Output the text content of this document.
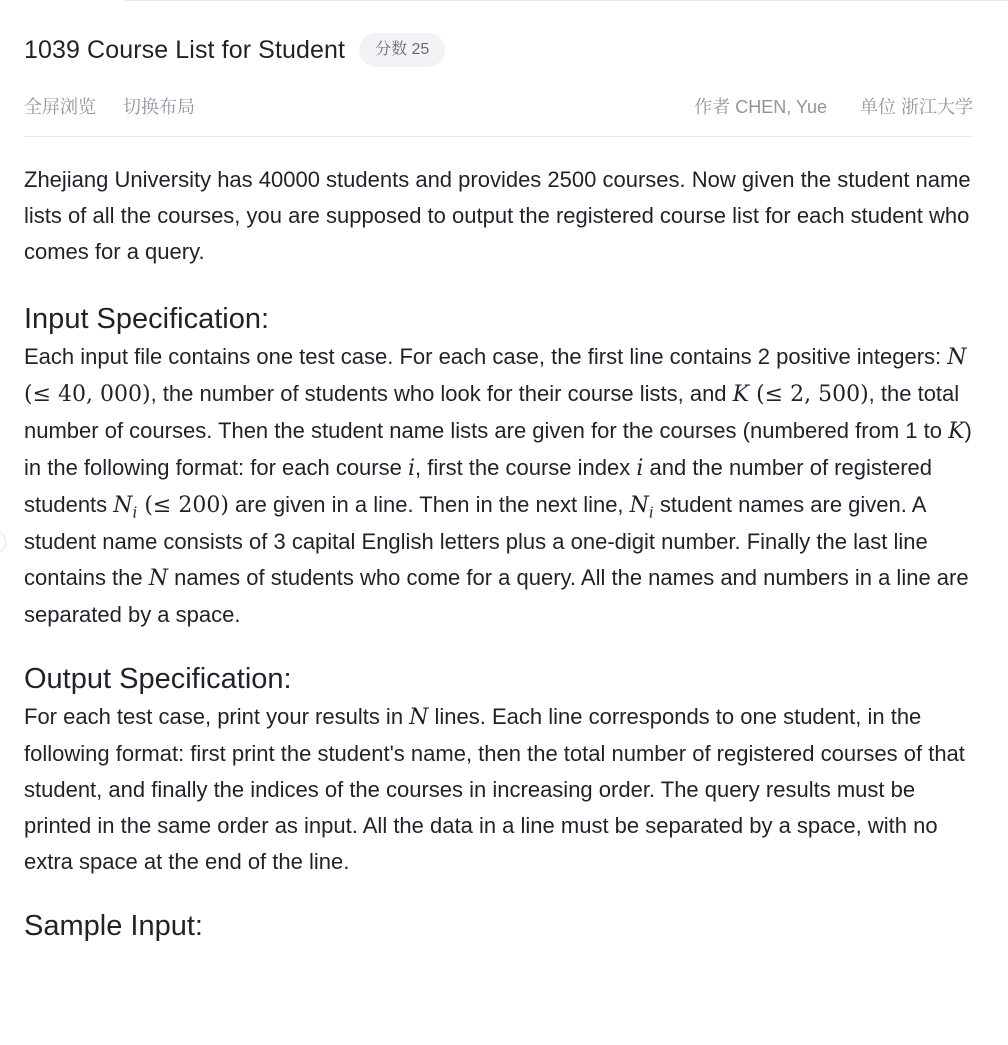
1039 Course List for Student	分数 25
全屏浏览 切换布局	作者 CHEN, Yue 单位 浙江大学

Zhejiang University has 40000 students and provides 2500 courses. Now given the student name lists of all the courses, you are supposed to output the registered course list for each student who comes for a query.

Input Specification:

Each input file contains one test case. For each case, the first line contains 2 positive integers: N (≤ 40, 000), the number of students who look for their course lists, and K (≤ 2, 500), the total number of courses. Then the student name lists are given for the courses (numbered from 1 to K) in the following format: for each course i, first the course index i and the number of registered students $N_i$ (≤ 200) are given in a line. Then in the next line, $N_i$ student names are given. A student name consists of 3 capital English letters plus a one-digit number. Finally the last line contains the N names of students who come for a query. All the names and numbers in a line are separated by a space.

Output Specification:

For each test case, print your results in N lines. Each line corresponds to one student, in the following format: first print the student's name, then the total number of registered courses of that student, and finally the indices of the courses in increasing order. The query results must be printed in the same order as input. All the data in a line must be separated by a space, with no extra space at the end of the line.

Sample Input:
